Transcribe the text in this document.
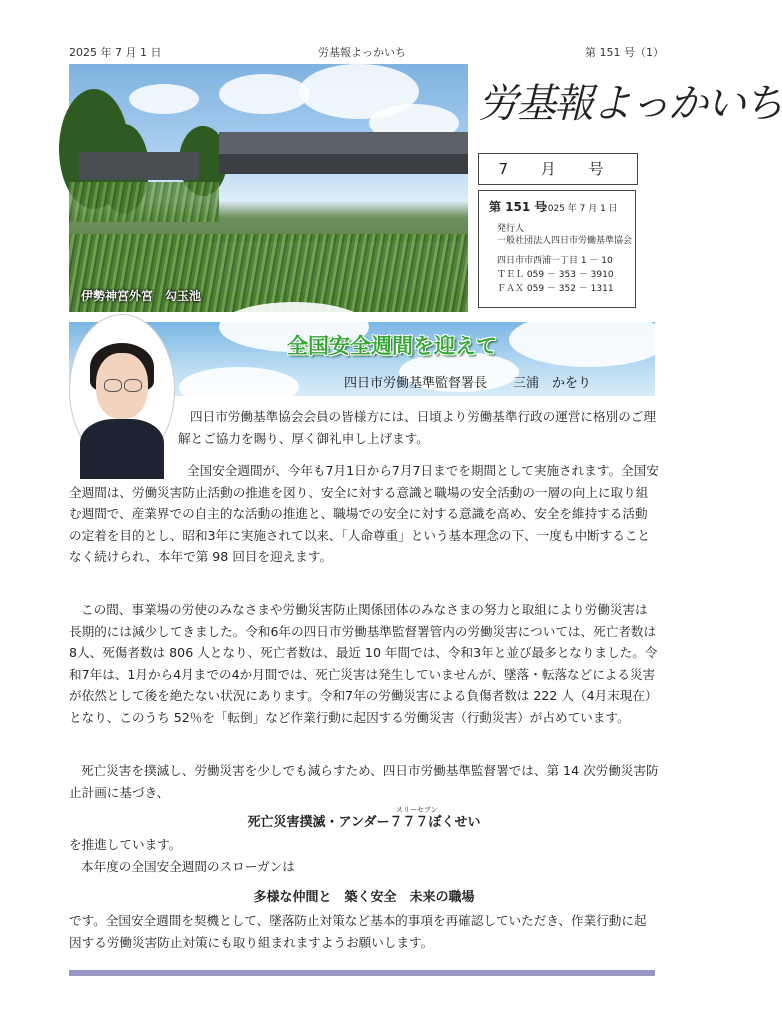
2025 年 7 月 1 日	労基報よっかいち	第 151 号（1）
伊勢神宮外宮　勾玉池
労基報よっかいち
7 月 号
第 151 号
2025 年 7 月 1 日
発行人
一般社団法人四日市労働基準協会
四日市市西浦一丁目 1 － 10
ＴＥＬ 059 － 353 － 3910
ＦＡＸ 059 － 352 － 1311
全国安全週間を迎えて
四日市労働基準監督署長　　三浦　かをり

四日市労働基準協会会員の皆様方には、日頃より労働基準行政の運営に格別のご理解とご協力を賜り、厚く御礼申し上げます。

全国安全週間が、今年も7月1日から7月7日までを期間として実施されます。全国安全週間は、労働災害防止活動の推進を図り、安全に対する意識と職場の安全活動の一層の向上に取り組む週間で、産業界での自主的な活動の推進と、職場での安全に対する意識を高め、安全を維持する活動の定着を目的とし、昭和3年に実施されて以来、「人命尊重」という基本理念の下、一度も中断することなく続けられ、本年で第 98 回目を迎えます。

この間、事業場の労使のみなさまや労働災害防止関係団体のみなさまの努力と取組により労働災害は長期的には減少してきました。令和6年の四日市労働基準監督署管内の労働災害については、死亡者数は8人、死傷者数は 806 人となり、死亡者数は、最近 10 年間では、令和3年と並び最多となりました。令和7年は、1月から4月までの4か月間では、死亡災害は発生していませんが、墜落・転落などによる災害が依然として後を絶たない状況にあります。令和7年の労働災害による負傷者数は 222 人（4月末現在）となり、このうち 52％を「転倒」など作業行動に起因する労働災害（行動災害）が占めています。

死亡災害を撲滅し、労働災害を少しでも減らすため、四日市労働基準監督署では、第 14 次労働災害防止計画に基づき、

スリーセブン
死亡災害撲滅・アンダー７７７ぼくせい

を推進しています。

本年度の全国安全週間のスローガンは

多様な仲間と　築く安全　未来の職場

です。全国安全週間を契機として、墜落防止対策など基本的事項を再確認していただき、作業行動に起因する労働災害防止対策にも取り組まれますようお願いします。
